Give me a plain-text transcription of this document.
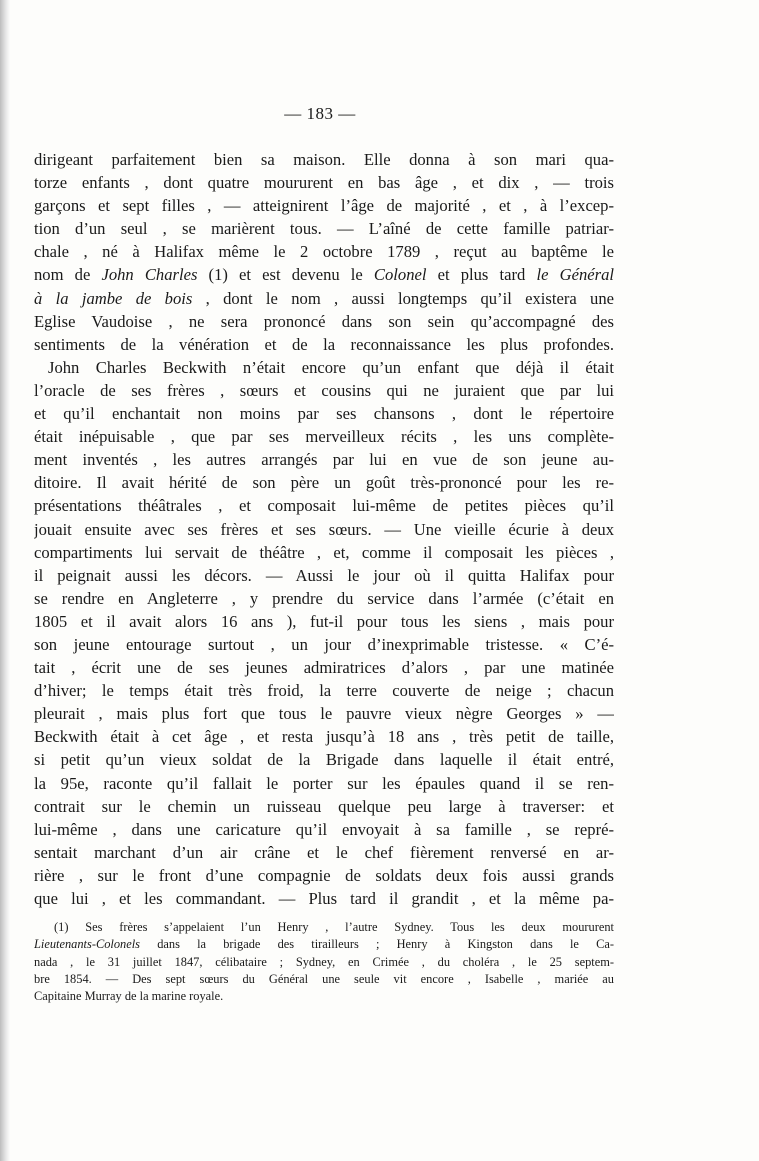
— 183 —
dirigeant parfaitement bien sa maison. Elle donna à son mari qua-
torze enfants , dont quatre moururent en bas âge , et dix , — trois
garçons et sept filles , — atteignirent l’âge de majorité , et , à l’excep-
tion d’un seul , se marièrent tous. — L’aîné de cette famille patriar-
chale , né à Halifax même le 2 octobre 1789 , reçut au baptême le
nom de John Charles (1) et est devenu le Colonel et plus tard le Général
à la jambe de bois , dont le nom , aussi longtemps qu’il existera une
Eglise Vaudoise , ne sera prononcé dans son sein qu’accompagné des
sentiments de la vénération et de la reconnaissance les plus profondes.
John Charles Beckwith n’était encore qu’un enfant que déjà il était
l’oracle de ses frères , sœurs et cousins qui ne juraient que par lui
et qu’il enchantait non moins par ses chansons , dont le répertoire
était inépuisable , que par ses merveilleux récits , les uns complète-
ment inventés , les autres arrangés par lui en vue de son jeune au-
ditoire. Il avait hérité de son père un goût très-prononcé pour les re-
présentations théâtrales , et composait lui-même de petites pièces qu’il
jouait ensuite avec ses frères et ses sœurs. — Une vieille écurie à deux
compartiments lui servait de théâtre , et, comme il composait les pièces ,
il peignait aussi les décors. — Aussi le jour où il quitta Halifax pour
se rendre en Angleterre , y prendre du service dans l’armée (c’était en
1805 et il avait alors 16 ans ), fut-il pour tous les siens , mais pour
son jeune entourage surtout , un jour d’inexprimable tristesse. « C’é-
tait , écrit une de ses jeunes admiratrices d’alors , par une matinée
d’hiver; le temps était très froid, la terre couverte de neige ; chacun
pleurait , mais plus fort que tous le pauvre vieux nègre Georges » —
Beckwith était à cet âge , et resta jusqu’à 18 ans , très petit de taille,
si petit qu’un vieux soldat de la Brigade dans laquelle il était entré,
la 95e, raconte qu’il fallait le porter sur les épaules quand il se ren-
contrait sur le chemin un ruisseau quelque peu large à traverser: et
lui-même , dans une caricature qu’il envoyait à sa famille , se repré-
sentait marchant d’un air crâne et le chef fièrement renversé en ar-
rière , sur le front d’une compagnie de soldats deux fois aussi grands
que lui , et les commandant. — Plus tard il grandit , et la même pa-
(1) Ses frères s’appelaient l’un Henry , l’autre Sydney. Tous les deux moururent
Lieutenants-Colonels dans la brigade des tirailleurs ; Henry à Kingston dans le Ca-
nada , le 31 juillet 1847, célibataire ; Sydney, en Crimée , du choléra , le 25 septem-
bre 1854. — Des sept sœurs du Général une seule vit encore , Isabelle , mariée au
Capitaine Murray de la marine royale.
